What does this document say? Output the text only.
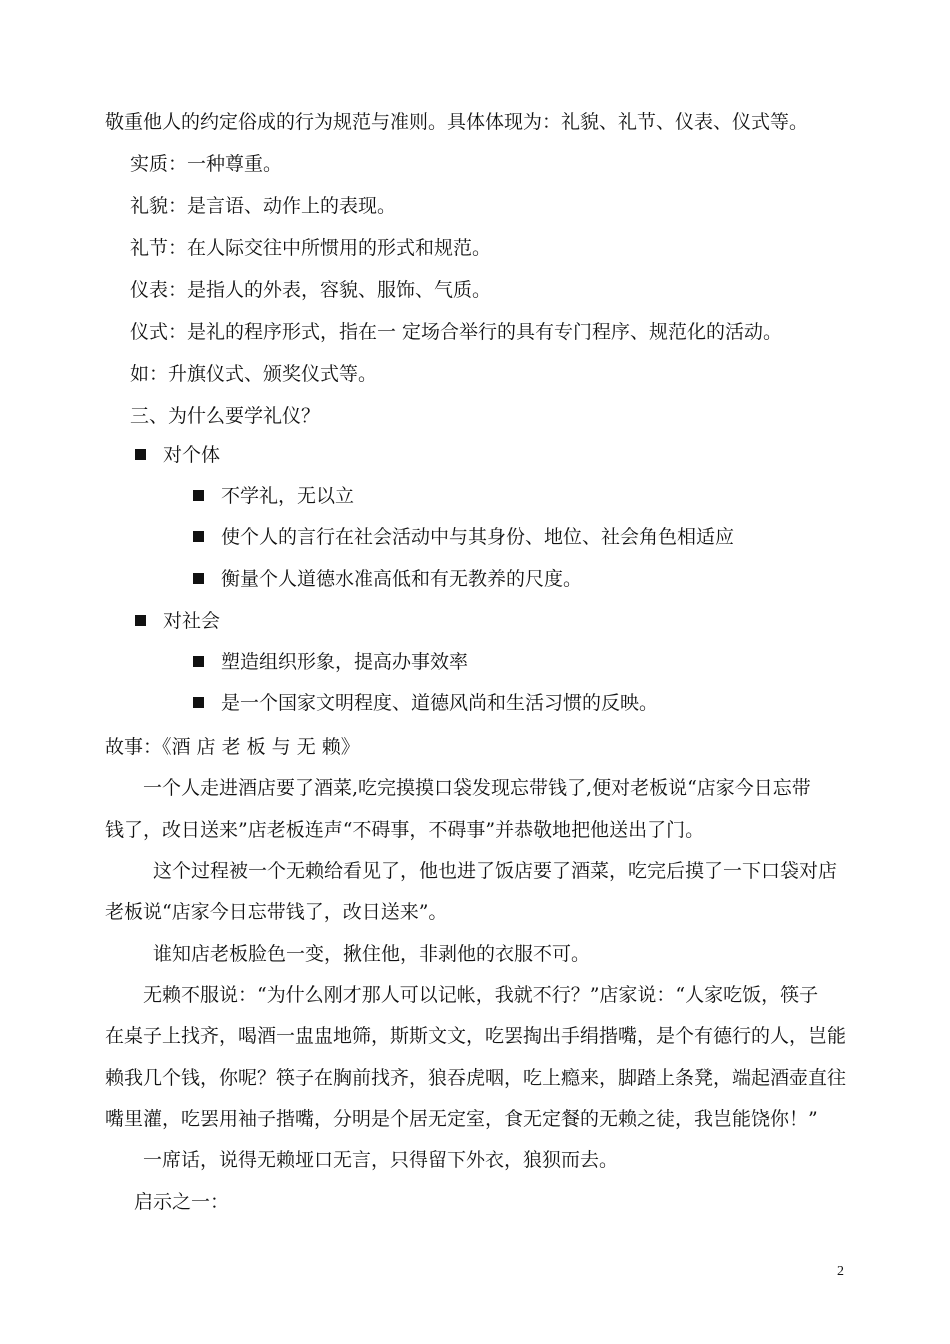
敬重他人的约定俗成的行为规范与准则。具体体现为：礼貌、礼节、仪表、仪式等。

实质：一种尊重。

礼貌：是言语、动作上的表现。

礼节：在人际交往中所惯用的形式和规范。

仪表：是指人的外表，容貌、服饰、气质。

仪式：是礼的程序形式，指在一 定场合举行的具有专门程序、规范化的活动。

如：升旗仪式、颁奖仪式等。

三、为什么要学礼仪？

对个体

不学礼，无以立

使个人的言行在社会活动中与其身份、地位、社会角色相适应

衡量个人道德水准高低和有无教养的尺度。

对社会

塑造组织形象，提高办事效率

是一个国家文明程度、道德风尚和生活习惯的反映。

故事：《酒 店 老 板 与 无 赖》

一个人走进酒店要了酒菜,吃完摸摸口袋发现忘带钱了,便对老板说“店家今日忘带

钱了，改日送来”店老板连声“不碍事，不碍事”并恭敬地把他送出了门。

这个过程被一个无赖给看见了，他也进了饭店要了酒菜，吃完后摸了一下口袋对店

老板说“店家今日忘带钱了，改日送来”。

谁知店老板脸色一变，揪住他，非剥他的衣服不可。

无赖不服说：“为什么刚才那人可以记帐，我就不行？”店家说：“人家吃饭，筷子

在桌子上找齐，喝酒一盅盅地筛，斯斯文文，吃罢掏出手绢揩嘴，是个有德行的人，岂能

赖我几个钱，你呢？筷子在胸前找齐，狼吞虎咽，吃上瘾来，脚踏上条凳，端起酒壶直往

嘴里灌，吃罢用袖子揩嘴，分明是个居无定室，食无定餐的无赖之徒，我岂能饶你！”

一席话，说得无赖垭口无言，只得留下外衣，狼狈而去。

启示之一：

2
